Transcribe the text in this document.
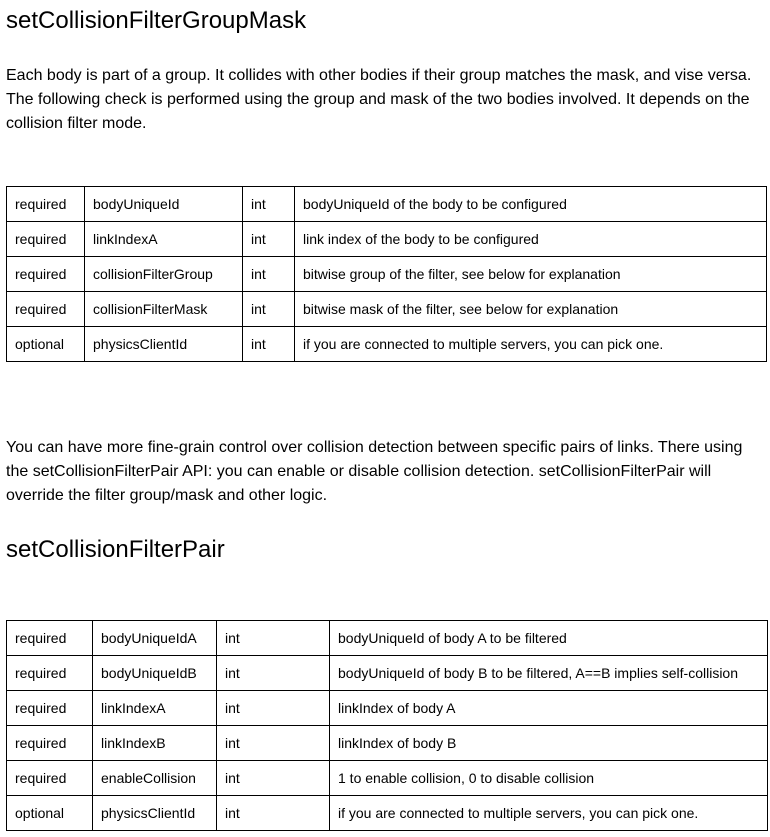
setCollisionFilterGroupMask

Each body is part of a group. It collides with other bodies if their group matches the mask, and vise versa. The following check is performed using the group and mask of the two bodies involved. It depends on the collision filter mode.

required	bodyUniqueId	int	bodyUniqueId of the body to be configured
required	linkIndexA	int	link index of the body to be configured
required	collisionFilterGroup	int	bitwise group of the filter, see below for explanation
required	collisionFilterMask	int	bitwise mask of the filter, see below for explanation
optional	physicsClientId	int	if you are connected to multiple servers, you can pick one.

You can have more fine-grain control over collision detection between specific pairs of links. There using the setCollisionFilterPair API: you can enable or disable collision detection. setCollisionFilterPair will override the filter group/mask and other logic.

setCollisionFilterPair
required	bodyUniqueIdA	int	bodyUniqueId of body A to be filtered
required	bodyUniqueIdB	int	bodyUniqueId of body B to be filtered, A==B implies self-collision
required	linkIndexA	int	linkIndex of body A
required	linkIndexB	int	linkIndex of body B
required	enableCollision	int	1 to enable collision, 0 to disable collision
optional	physicsClientId	int	if you are connected to multiple servers, you can pick one.
